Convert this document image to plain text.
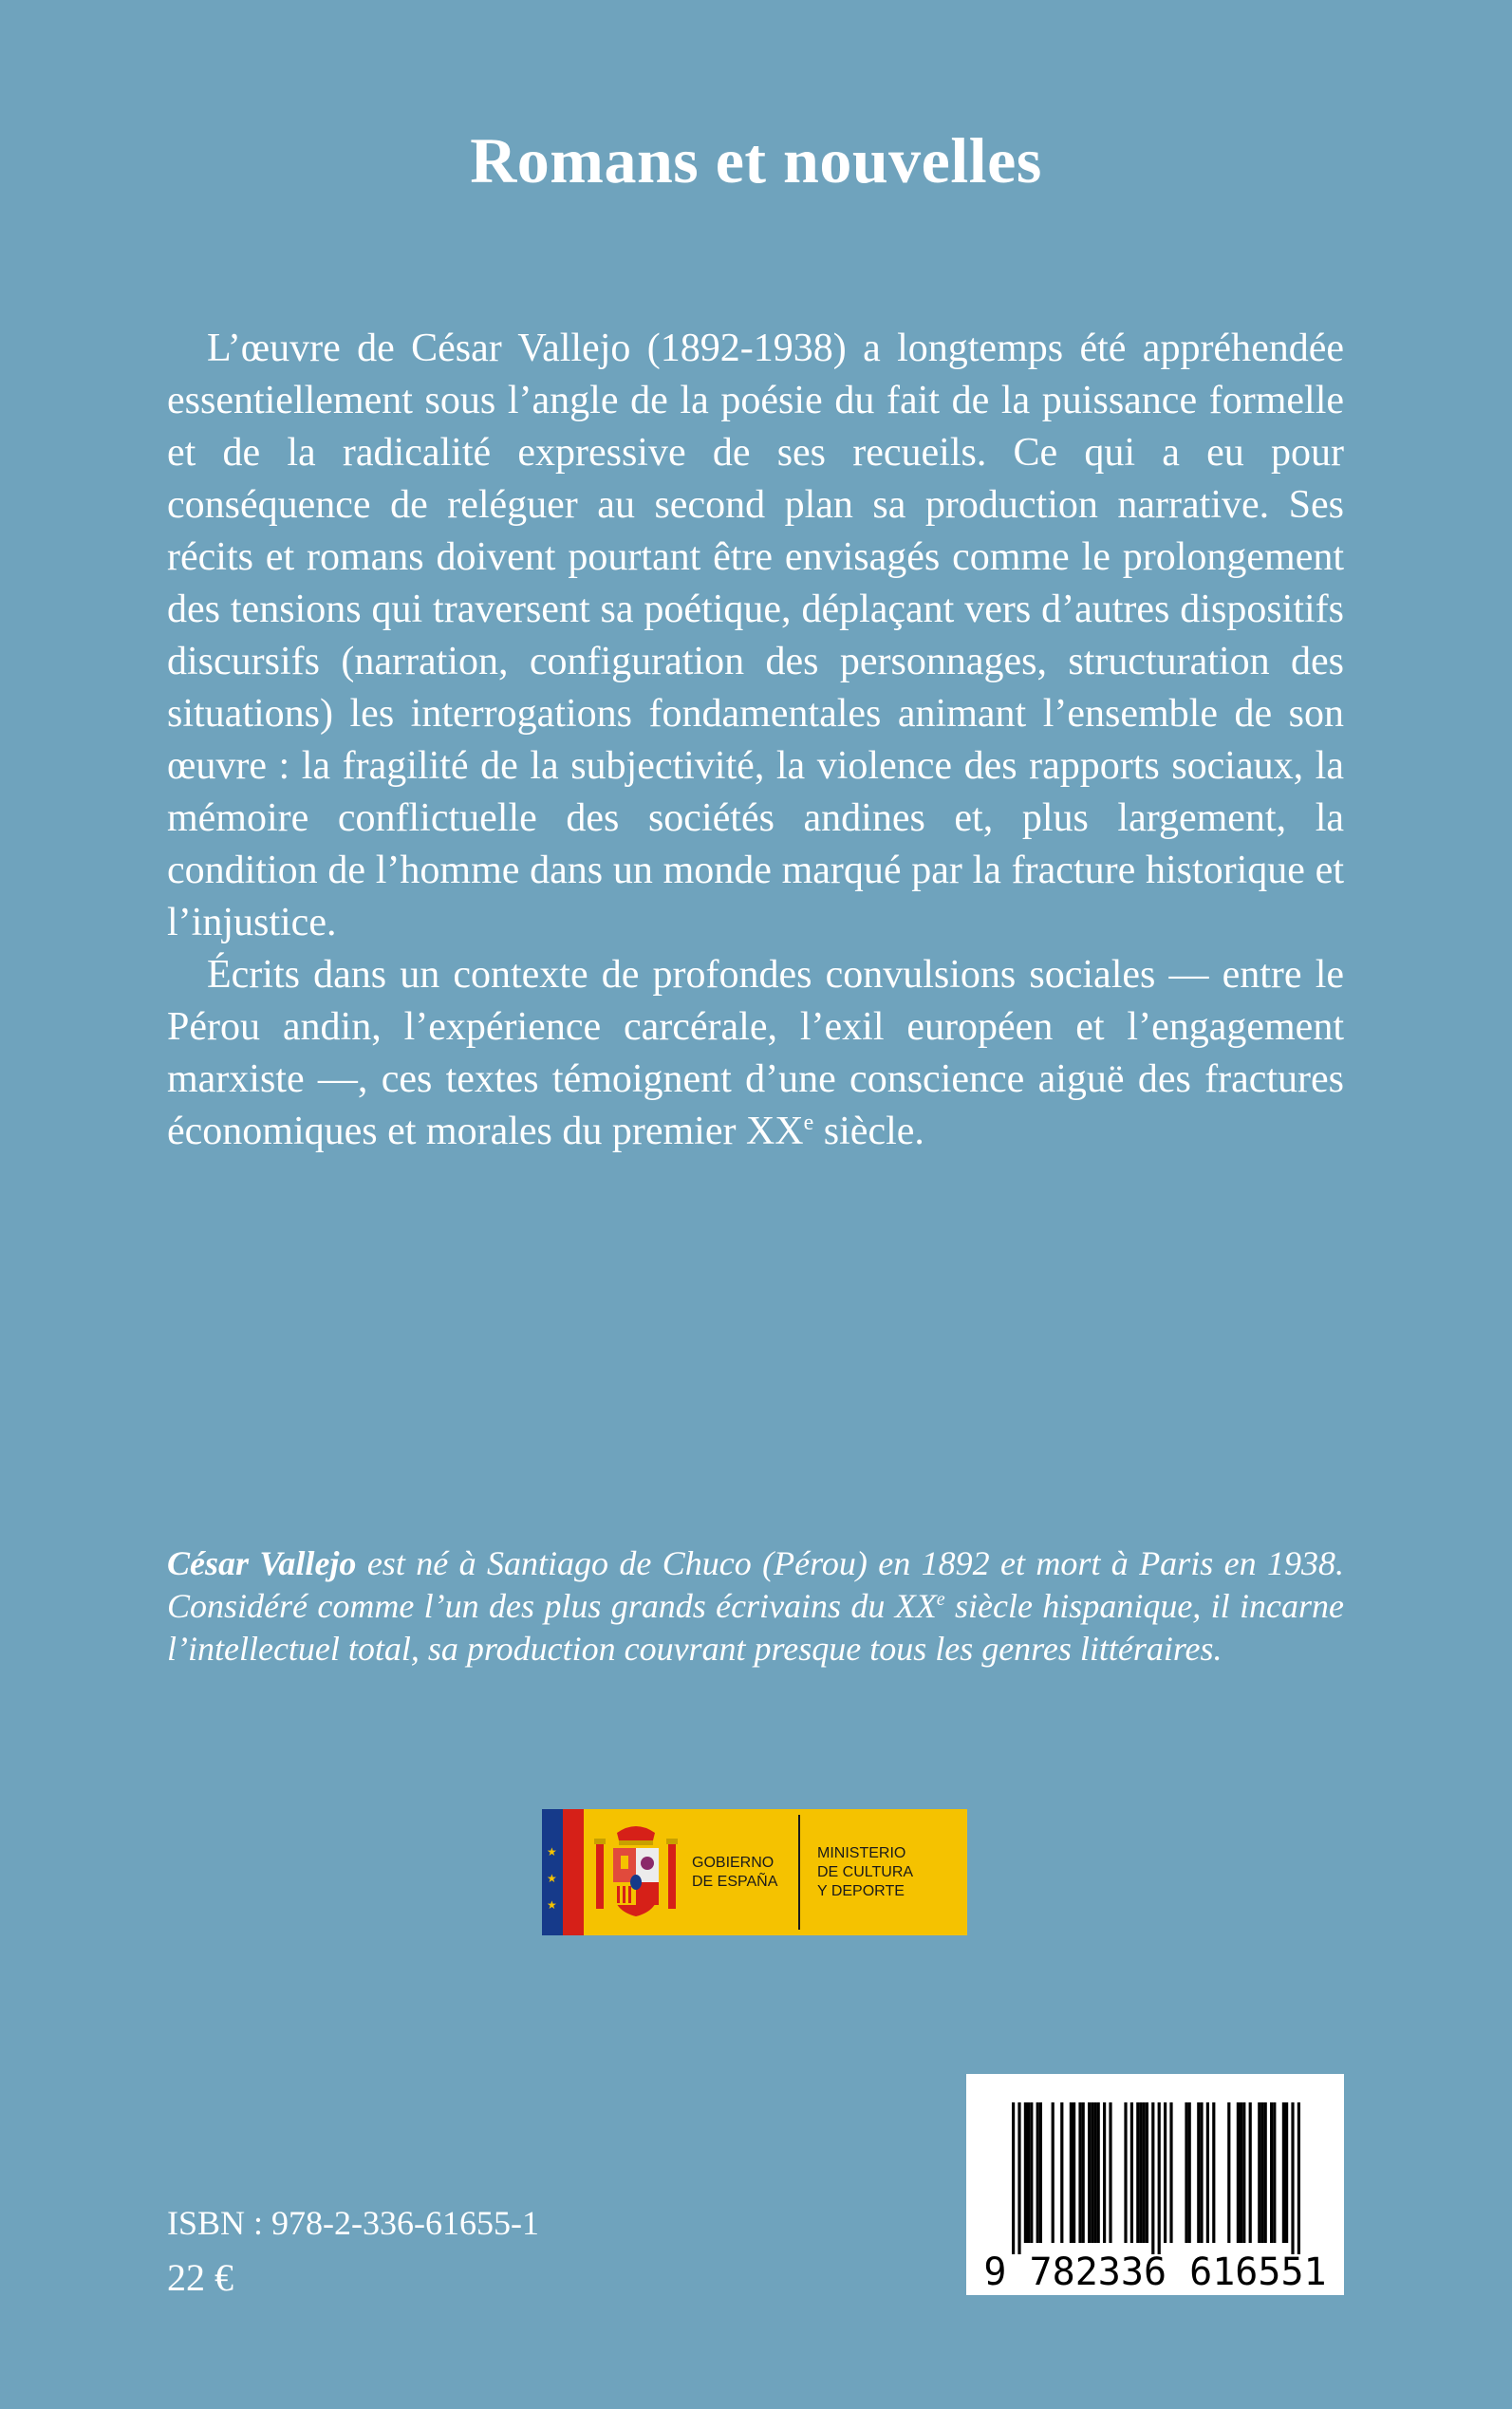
Romans et nouvelles

L’œuvre de César Vallejo (1892-1938) a longtemps été appréhendée essentiellement sous l’angle de la poésie du fait de la puissance formelle et de la radicalité expressive de ses recueils. Ce qui a eu pour conséquence de reléguer au second plan sa production narrative. Ses récits et romans doivent pourtant être envisagés comme le prolongement des tensions qui traversent sa poétique, déplaçant vers d’autres dispositifs discursifs (narration, configuration des personnages, structuration des situations) les interrogations fondamentales animant l’ensemble de son œuvre : la fragilité de la subjectivité, la violence des rapports sociaux, la mémoire conflictuelle des sociétés andines et, plus largement, la condition de l’homme dans un monde marqué par la fracture historique et l’injustice.

Écrits dans un contexte de profondes convulsions sociales — entre le Pérou andin, l’expérience carcérale, l’exil européen et l’engagement marxiste —, ces textes témoignent d’une conscience aiguë des fractures économiques et morales du premier XXe siècle.

César Vallejo est né à Santiago de Chuco (Pérou) en 1892 et mort à Paris en 1938. Considéré comme l’un des plus grands écrivains du XXe siècle hispanique, il incarne l’intellectuel total, sa production couvrant presque tous les genres littéraires.
★
★
★
GOBIERNO
DE ESPAÑA
MINISTERIO
DE CULTURA
Y DEPORTE
ISBN : 978-2-336-61655-1
22 €	9 782336 616551
